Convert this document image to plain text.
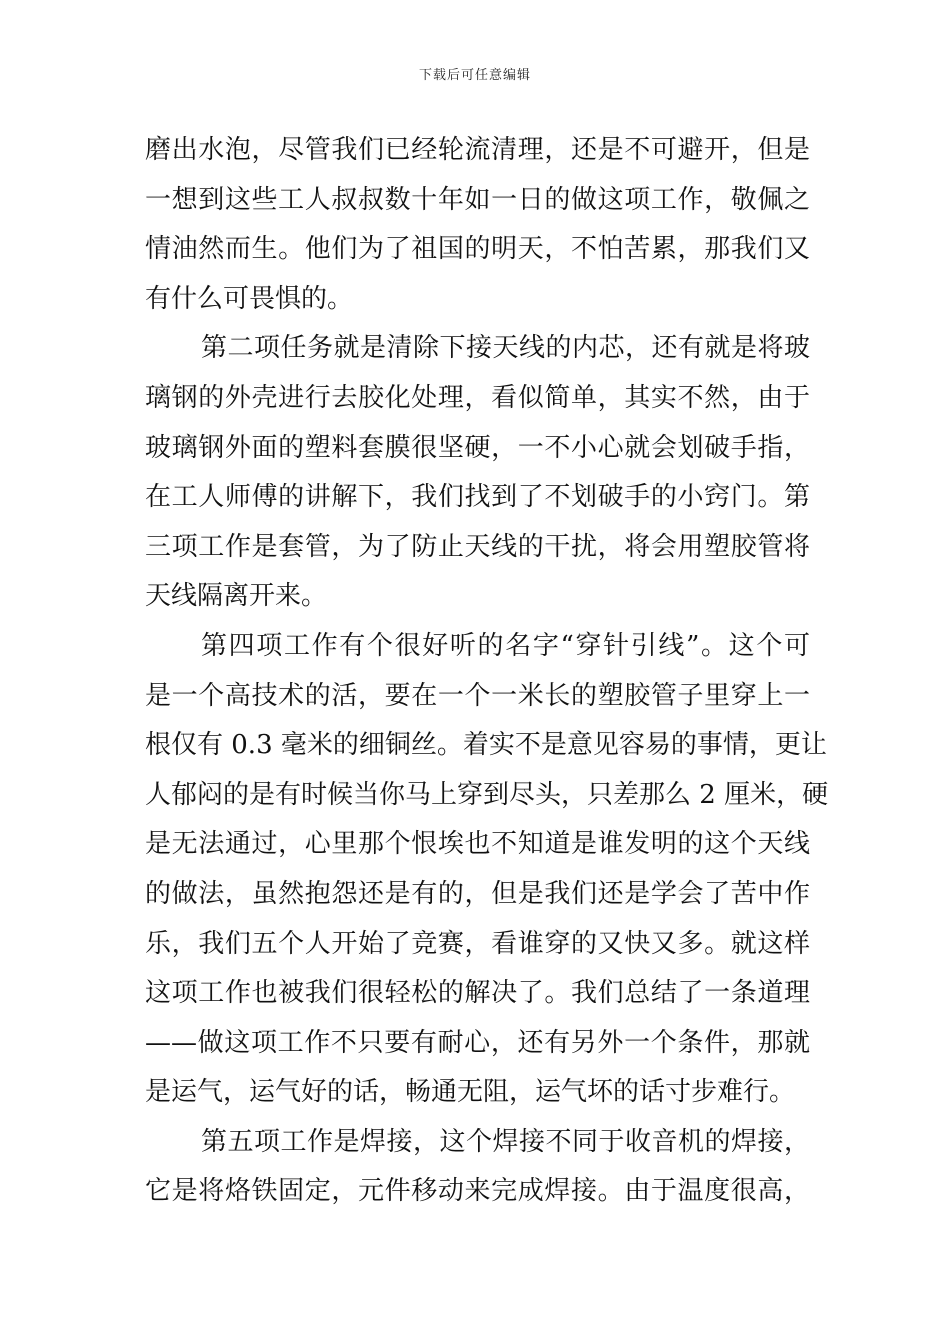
下载后可任意编辑
磨出水泡，尽管我们已经轮流清理，还是不可避开，但是
一想到这些工人叔叔数十年如一日的做这项工作，敬佩之
情油然而生。他们为了祖国的明天，不怕苦累，那我们又
有什么可畏惧的。
第二项任务就是清除下接天线的内芯，还有就是将玻
璃钢的外壳进行去胶化处理，看似简单，其实不然，由于
玻璃钢外面的塑料套膜很坚硬，一不小心就会划破手指，
在工人师傅的讲解下，我们找到了不划破手的小窍门。第
三项工作是套管，为了防止天线的干扰，将会用塑胶管将
天线隔离开来。
第四项工作有个很好听的名字“穿针引线”。这个可
是一个高技术的活，要在一个一米长的塑胶管子里穿上一
根仅有 0.3 毫米的细铜丝。着实不是意见容易的事情，更让
人郁闷的是有时候当你马上穿到尽头，只差那么 2 厘米，硬
是无法通过，心里那个恨埃也不知道是谁发明的这个天线
的做法，虽然抱怨还是有的，但是我们还是学会了苦中作
乐，我们五个人开始了竞赛，看谁穿的又快又多。就这样
这项工作也被我们很轻松的解决了。我们总结了一条道理
——做这项工作不只要有耐心，还有另外一个条件，那就
是运气，运气好的话，畅通无阻，运气坏的话寸步难行。
第五项工作是焊接，这个焊接不同于收音机的焊接，
它是将烙铁固定，元件移动来完成焊接。由于温度很高，
